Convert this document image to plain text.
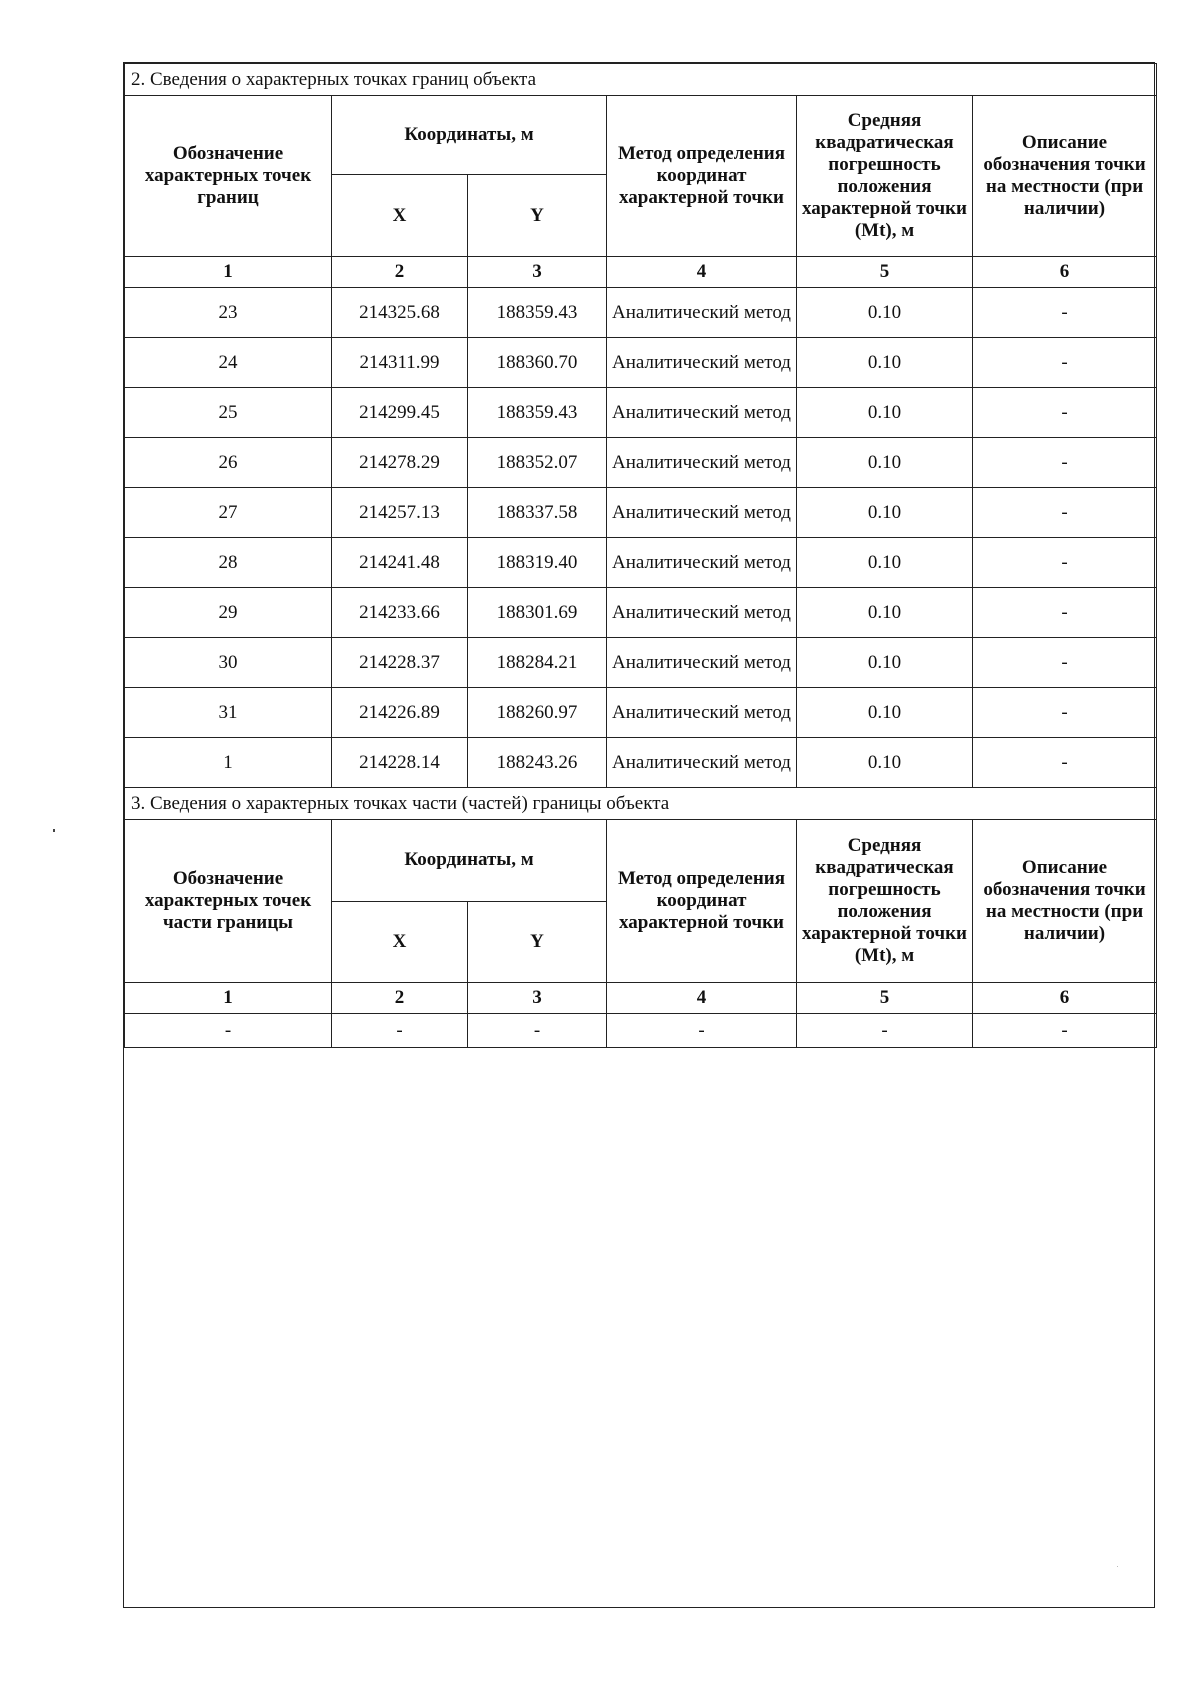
2. Сведения о характерных точках границ объекта					
Обозначение характерных точек границ	Координаты, м		Метод определения координат характерной точки	Средняя квадратическая погрешность положения характерной точки (Mt), м	Описание обозначения точки на местности (при наличии)
	X	Y			
1	2	3	4	5	6
23	214325.68	188359.43	Аналитический метод	0.10	-
24	214311.99	188360.70	Аналитический метод	0.10	-
25	214299.45	188359.43	Аналитический метод	0.10	-
26	214278.29	188352.07	Аналитический метод	0.10	-
27	214257.13	188337.58	Аналитический метод	0.10	-
28	214241.48	188319.40	Аналитический метод	0.10	-
29	214233.66	188301.69	Аналитический метод	0.10	-
30	214228.37	188284.21	Аналитический метод	0.10	-
31	214226.89	188260.97	Аналитический метод	0.10	-
1	214228.14	188243.26	Аналитический метод	0.10	-
3. Сведения о характерных точках части (частей) границы объекта					
Обозначение характерных точек части границы	Координаты, м		Метод определения координат характерной точки	Средняя квадратическая погрешность положения характерной точки (Mt), м	Описание обозначения точки на местности (при наличии)
	X	Y			
1	2	3	4	5	6
-	-	-	-	-	-
